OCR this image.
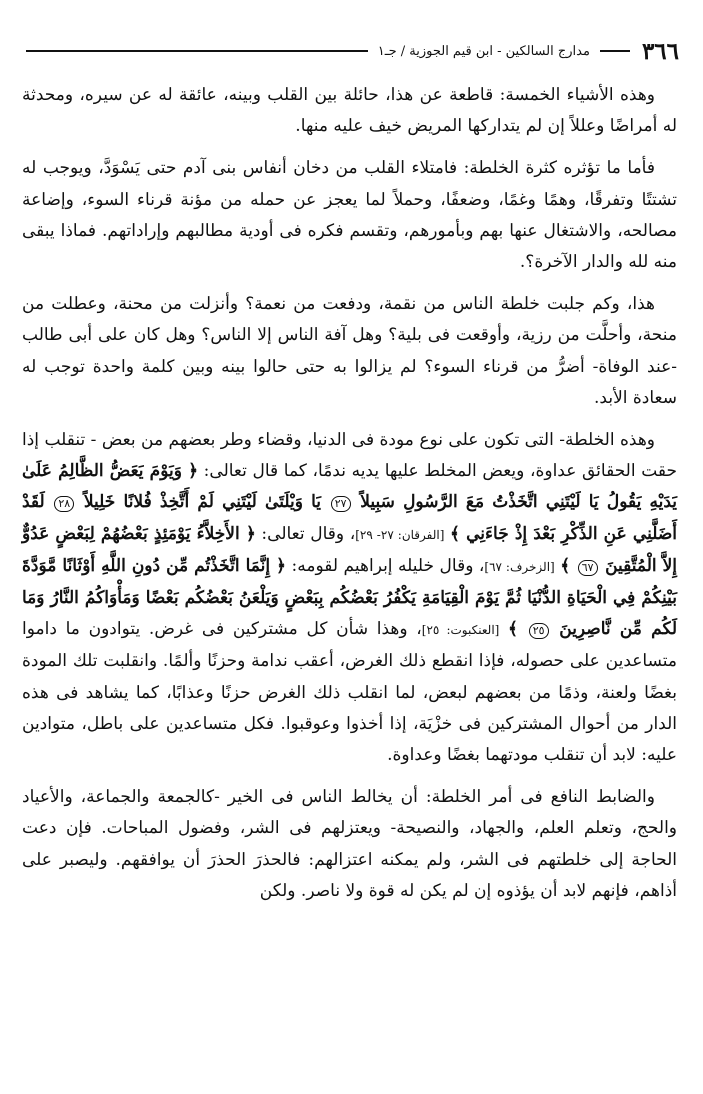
٣٦٦
مدارج السالكين - ابن قيم الجوزية / جـ١

وهذه الأشياء الخمسة: قاطعة عن هذا، حائلة بين القلب وبينه، عائقة له عن سيره، ومحدثة له أمراضًا وعللاً إن لم يتداركها المريض خيف عليه منها.

فأما ما تؤثره كثرة الخلطة: فامتلاء القلب من دخان أنفاس بنى آدم حتى يَسْوَدَّ، ويوجب له تشتتًا وتفرقًا، وهمًا وغمًا، وضعفًا، وحملاً لما يعجز عن حمله من مؤنة قرناء السوء، وإضاعة مصالحه، والاشتغال عنها بهم وبأمورهم، وتقسم فكره فى أودية مطالبهم وإراداتهم. فماذا يبقى منه لله والدار الآخرة؟.

هذا، وكم جلبت خلطة الناس من نقمة، ودفعت من نعمة؟ وأنزلت من محنة، وعطلت من منحة، وأحلَّت من رزية، وأوقعت فى بلية؟ وهل آفة الناس إلا الناس؟ وهل كان على أبى طالب -عند الوفاة- أضرُّ من قرناء السوء؟ لم يزالوا به حتى حالوا بينه وبين كلمة واحدة توجب له سعادة الأبد.

وهذه الخلطة- التى تكون على نوع مودة فى الدنيا، وقضاء وطر بعضهم من بعض - تنقلب إذا حقت الحقائق عداوة، ويعض المخلط عليها يديه ندمًا، كما قال تعالى: ﴿ وَيَوْمَ يَعَضُّ الظَّالِمُ عَلَىٰ يَدَيْهِ يَقُولُ يَا لَيْتَنِي اتَّخَذْتُ مَعَ الرَّسُولِ سَبِيلاً ٢٧ يَا وَيْلَتَىٰ لَيْتَنِي لَمْ أَتَّخِذْ فُلانًا خَلِيلاً ٢٨ لَقَدْ أَضَلَّنِي عَنِ الذِّكْرِ بَعْدَ إِذْ جَاءَنِي ﴾ [الفرقان: ٢٧- ٢٩]، وقال تعالى: ﴿ الأَخِلاَّءُ يَوْمَئِذٍ بَعْضُهُمْ لِبَعْضٍ عَدُوٌّ إِلاَّ الْمُتَّقِينَ ٦٧ ﴾ [الزخرف: ٦٧]، وقال خليله إبراهيم لقومه: ﴿ إِنَّمَا اتَّخَذْتُم مِّن دُونِ اللَّهِ أَوْثَانًا مَّوَدَّةَ بَيْنِكُمْ فِي الْحَيَاةِ الدُّنْيَا ثُمَّ يَوْمَ الْقِيَامَةِ يَكْفُرُ بَعْضُكُم بِبَعْضٍ وَيَلْعَنُ بَعْضُكُم بَعْضًا وَمَأْوَاكُمُ النَّارُ وَمَا لَكُم مِّن نَّاصِرِينَ ٢٥ ﴾ [العنكبوت: ٢٥]، وهذا شأن كل مشتركين فى غرض. يتوادون ما داموا متساعدين على حصوله، فإذا انقطع ذلك الغرض، أعقب ندامة وحزنًا وألمًا. وانقلبت تلك المودة بغضًا ولعنة، وذمًا من بعضهم لبعض، لما انقلب ذلك الغرض حزنًا وعذابًا، كما يشاهد فى هذه الدار من أحوال المشتركين فى خزْيَة، إذا أخذوا وعوقبوا. فكل متساعدين على باطل، متوادين عليه: لابد أن تنقلب مودتهما بغضًا وعداوة.

والضابط النافع فى أمر الخلطة: أن يخالط الناس فى الخير -كالجمعة والجماعة، والأعياد والحج، وتعلم العلم، والجهاد، والنصيحة- ويعتزلهم فى الشر، وفضول المباحات. فإن دعت الحاجة إلى خلطتهم فى الشر، ولم يمكنه اعتزالهم: فالحذرَ الحذرَ أن يوافقهم. وليصبر على أذاهم، فإنهم لابد أن يؤذوه إن لم يكن له قوة ولا ناصر. ولكن
